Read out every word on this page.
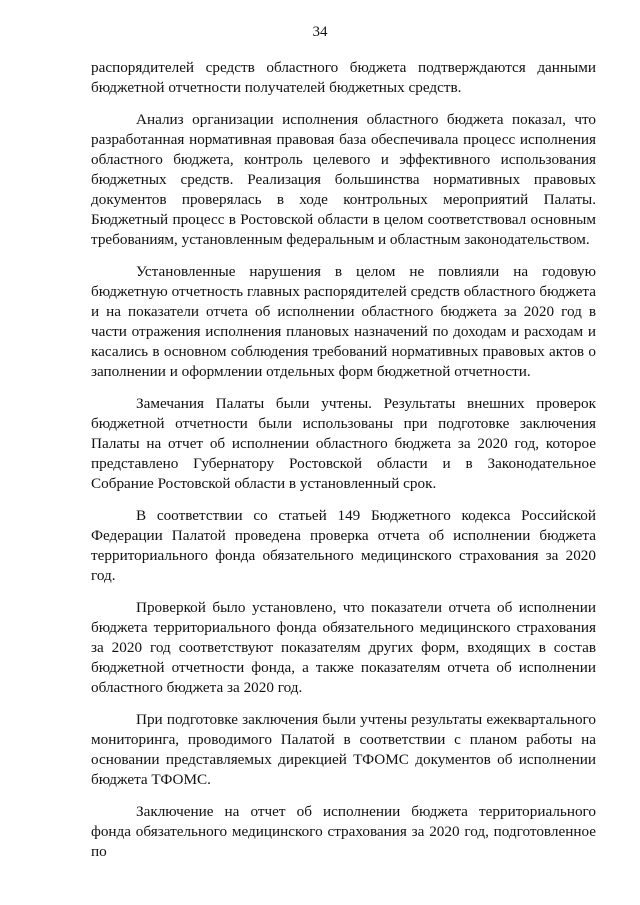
34

распорядителей средств областного бюджета подтверждаются данными бюджетной отчетности получателей бюджетных средств.

Анализ организации исполнения областного бюджета показал, что разработанная нормативная правовая база обеспечивала процесс исполнения областного бюджета, контроль целевого и эффективного использования бюджетных средств. Реализация большинства нормативных правовых документов проверялась в ходе контрольных мероприятий Палаты. Бюджетный процесс в Ростовской области в целом соответствовал основным требованиям, установленным федеральным и областным законодательством.

Установленные нарушения в целом не повлияли на годовую бюджетную отчетность главных распорядителей средств областного бюджета и на показатели отчета об исполнении областного бюджета за 2020 год в части отражения исполнения плановых назначений по доходам и расходам и касались в основном соблюдения требований нормативных правовых актов о заполнении и оформлении отдельных форм бюджетной отчетности.

Замечания Палаты были учтены. Результаты внешних проверок бюджетной отчетности были использованы при подготовке заключения Палаты на отчет об исполнении областного бюджета за 2020 год, которое представлено Губернатору Ростовской области и в Законодательное Собрание Ростовской области в установленный срок.

В соответствии со статьей 149 Бюджетного кодекса Российской Федерации Палатой проведена проверка отчета об исполнении бюджета территориального фонда обязательного медицинского страхования за 2020 год.

Проверкой было установлено, что показатели отчета об исполнении бюджета территориального фонда обязательного медицинского страхования за 2020 год соответствуют показателям других форм, входящих в состав бюджетной отчетности фонда, а также показателям отчета об исполнении областного бюджета за 2020 год.

При подготовке заключения были учтены результаты ежеквартального мониторинга, проводимого Палатой в соответствии с планом работы на основании представляемых дирекцией ТФОМС документов об исполнении бюджета ТФОМС.

Заключение на отчет об исполнении бюджета территориального фонда обязательного медицинского страхования за 2020 год, подготовленное по
